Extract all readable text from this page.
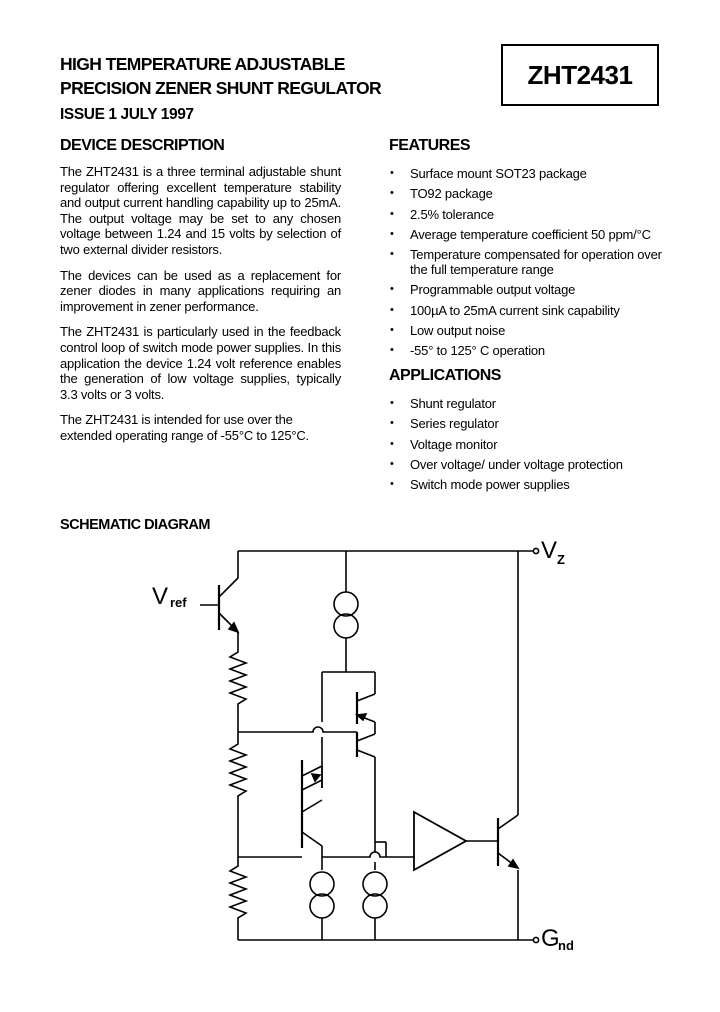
HIGH TEMPERATURE ADJUSTABLE
PRECISION ZENER SHUNT REGULATOR	ZHT2431
ISSUE 1 JULY 1997
DEVICE DESCRIPTION

The ZHT2431 is a three terminal adjustable shunt regulator offering excellent temperature stability and output current handling capability up to 25mA. The output voltage may be set to any chosen voltage between 1.24 and 15 volts by selection of two external divider resistors.

The devices can be used as a replacement for zener diodes in many applications requiring an improvement in zener performance.

The ZHT2431 is particularly used in the feedback control loop of switch mode power supplies. In this application the device 1.24 volt reference enables the generation of low voltage supplies, typically 3.3 volts or 3 volts.

The ZHT2431 is intended for use over the extended operating range of -55°C to 125°C.

FEATURES
• Surface mount SOT23 package
• TO92 package
• 2.5% tolerance
• Average temperature coefficient 50 ppm/°C
• Temperature compensated for operation over the full temperature range
• Programmable output voltage
• 100µA to 25mA current sink capability
• Low output noise
• -55° to 125° C operation
APPLICATIONS
• Shunt regulator
• Series regulator
• Voltage monitor
• Over voltage/ under voltage protection
• Switch mode power supplies
SCHEMATIC DIAGRAM
V ref
V Z
G
nd
